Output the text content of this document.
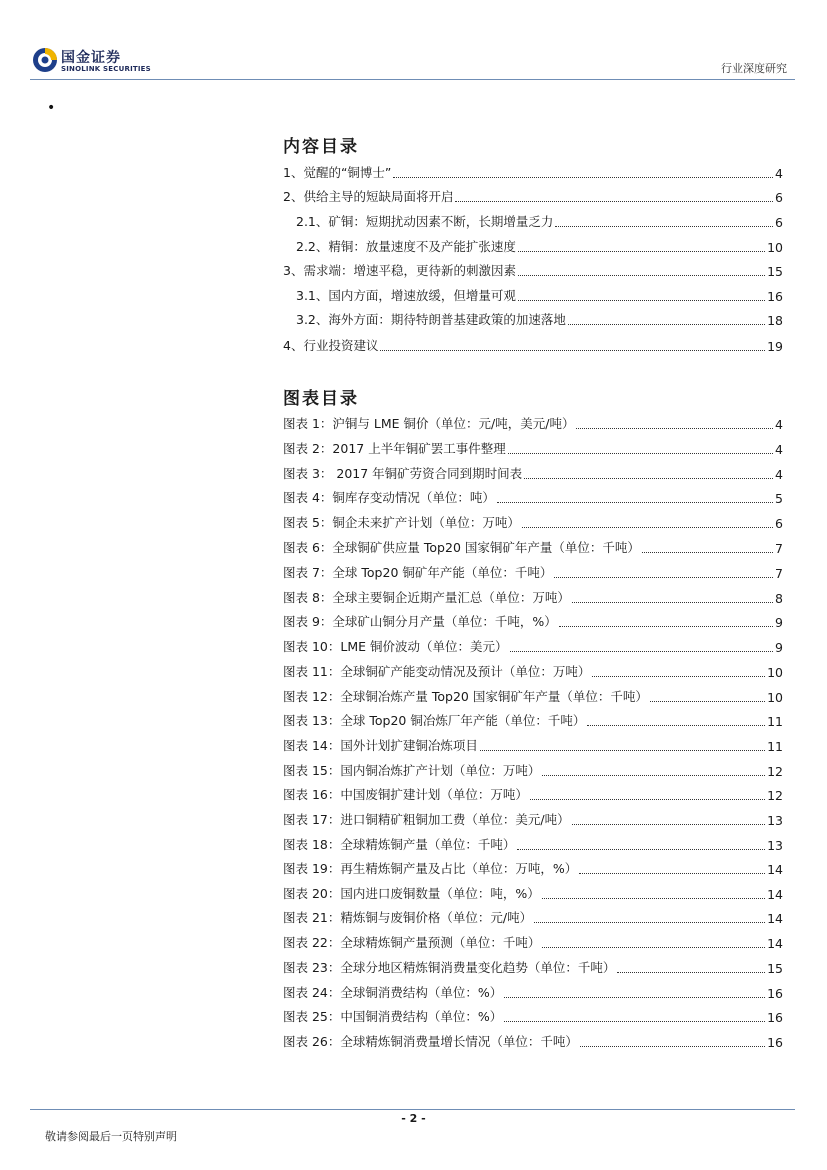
国金证券
SINOLINK SECURITIES	行业深度研究
•
内容目录
1、觉醒的“铜博士”	4
2、供给主导的短缺局面将开启	6
2.1、矿铜：短期扰动因素不断，长期增量乏力	6
2.2、精铜：放量速度不及产能扩张速度	10
3、需求端：增速平稳，更待新的刺激因素	15
3.1、国内方面，增速放缓，但增量可观	16
3.2、海外方面：期待特朗普基建政策的加速落地	18
4、行业投资建议	19
图表目录
图表 1：沪铜与 LME 铜价（单位：元/吨，美元/吨）	4
图表 2：2017 上半年铜矿罢工事件整理	4
图表 3： 2017 年铜矿劳资合同到期时间表	4
图表 4：铜库存变动情况（单位：吨）	5
图表 5：铜企未来扩产计划（单位：万吨）	6
图表 6：全球铜矿供应量 Top20 国家铜矿年产量（单位：千吨）	7
图表 7：全球 Top20 铜矿年产能（单位：千吨）	7
图表 8：全球主要铜企近期产量汇总（单位：万吨）	8
图表 9：全球矿山铜分月产量（单位：千吨，%）	9
图表 10：LME 铜价波动（单位：美元）	9
图表 11：全球铜矿产能变动情况及预计（单位：万吨）	10
图表 12：全球铜冶炼产量 Top20 国家铜矿年产量（单位：千吨）	10
图表 13：全球 Top20 铜冶炼厂年产能（单位：千吨）	11
图表 14：国外计划扩建铜冶炼项目	11
图表 15：国内铜冶炼扩产计划（单位：万吨）	12
图表 16：中国废铜扩建计划（单位：万吨）	12
图表 17：进口铜精矿粗铜加工费（单位：美元/吨）	13
图表 18：全球精炼铜产量（单位：千吨）	13
图表 19：再生精炼铜产量及占比（单位：万吨，%）	14
图表 20：国内进口废铜数量（单位：吨，%）	14
图表 21：精炼铜与废铜价格（单位：元/吨）	14
图表 22：全球精炼铜产量预测（单位：千吨）	14
图表 23：全球分地区精炼铜消费量变化趋势（单位：千吨）	15
图表 24：全球铜消费结构（单位：%）	16
图表 25：中国铜消费结构（单位：%）	16
图表 26：全球精炼铜消费量增长情况（单位：千吨）	16
- 2 -
敬请参阅最后一页特别声明
